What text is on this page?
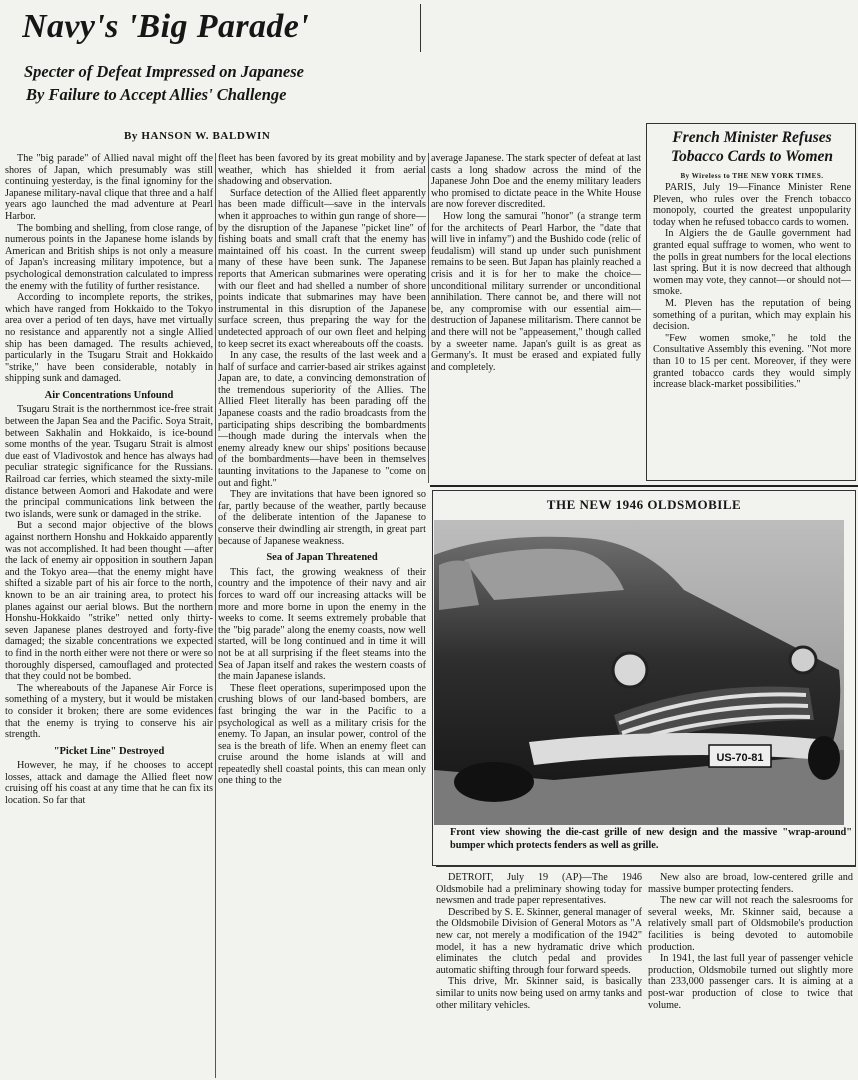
Navy's 'Big Parade'
Specter of Defeat Impressed on Japanese
By Failure to Accept Allies' Challenge
By HANSON W. BALDWIN

The "big parade" of Allied naval might off the shores of Japan, which presumably was still continuing yesterday, is the final ignominy for the Japanese military-naval clique that three and a half years ago launched the mad adventure at Pearl Harbor.

The bombing and shelling, from close range, of numerous points in the Japanese home islands by American and British ships is not only a measure of Japan's increasing military impotence, but a psychological demonstration calculated to impress the enemy with the futility of further resistance.

According to incomplete reports, the strikes, which have ranged from Hokkaido to the Tokyo area over a period of ten days, have met virtually no resistance and apparently not a single Allied ship has been damaged. The results achieved, particularly in the Tsugaru Strait and Hokkaido "strike," have been considerable, notably in shipping sunk and damaged.

Air Concentrations Unfound

Tsugaru Strait is the northernmost ice-free strait between the Japan Sea and the Pacific. Soya Strait, between Sakhalin and Hokkaido, is ice-bound some months of the year. Tsugaru Strait is almost due east of Vladivostok and hence has always had peculiar strategic significance for the Russians. Railroad car ferries, which steamed the sixty-mile distance between Aomori and Hakodate and were the principal communications link between the two islands, were sunk or damaged in the strike.

But a second major objective of the blows against northern Honshu and Hokkaido apparently was not accomplished. It had been thought —after the lack of enemy air opposition in southern Japan and the Tokyo area—that the enemy might have shifted a sizable part of his air force to the north, known to be an air training area, to protect his planes against our aerial blows. But the northern Honshu-Hokkaido "strike" netted only thirty-seven Japanese planes destroyed and forty-five damaged; the sizable concentrations we expected to find in the north either were not there or were so thoroughly dispersed, camouflaged and protected that they could not be bombed.

The whereabouts of the Japanese Air Force is something of a mystery, but it would be mistaken to consider it broken; there are some evidences that the enemy is trying to conserve his air strength.

"Picket Line" Destroyed

However, he may, if he chooses to accept losses, attack and damage the Allied fleet now cruising off his coast at any time that he can fix its location. So far that

fleet has been favored by its great mobility and by weather, which has shielded it from aerial shadowing and observation.

Surface detection of the Allied fleet apparently has been made difficult—save in the intervals when it approaches to within gun range of shore—by the disruption of the Japanese "picket line" of fishing boats and small craft that the enemy has maintained off his coast. In the current sweep many of these have been sunk. The Japanese reports that American submarines were operating with our fleet and had shelled a number of shore points indicate that submarines may have been instrumental in this disruption of the Japanese surface screen, thus preparing the way for the undetected approach of our own fleet and helping to keep secret its exact whereabouts off the coasts.

In any case, the results of the last week and a half of surface and carrier-based air strikes against Japan are, to date, a convincing demonstration of the tremendous superiority of the Allies. The Allied Fleet literally has been parading off the Japanese coasts and the radio broadcasts from the participating ships describing the bombardments—though made during the intervals when the enemy already knew our ships' positions because of the bombardments—have been in themselves taunting invitations to the Japanese to "come on out and fight."

They are invitations that have been ignored so far, partly because of the weather, partly because of the deliberate intention of the Japanese to conserve their dwindling air strength, in great part because of Japanese weakness.

Sea of Japan Threatened

This fact, the growing weakness of their country and the impotence of their navy and air forces to ward off our increasing attacks will be more and more borne in upon the enemy in the weeks to come. It seems extremely probable that the "big parade" along the enemy coasts, now well started, will be long continued and in time it will not be at all surprising if the fleet steams into the Sea of Japan itself and rakes the western coasts of the main Japanese islands.

These fleet operations, superimposed upon the crushing blows of our land-based bombers, are fast bringing the war in the Pacific to a psychological as well as a military crisis for the enemy. To Japan, an insular power, control of the sea is the breath of life. When an enemy fleet can cruise around the home islands at will and repeatedly shell coastal points, this can mean only one thing to the

average Japanese. The stark specter of defeat at last casts a long shadow across the mind of the Japanese John Doe and the enemy military leaders who promised to dictate peace in the White House are now forever discredited.

How long the samurai "honor" (a strange term for the architects of Pearl Harbor, the "date that will live in infamy") and the Bushido code (relic of feudalism) will stand up under such punishment remains to be seen. But Japan has plainly reached a crisis and it is for her to make the choice—unconditional military surrender or unconditional annihilation. There cannot be, and there will not be, any compromise with our essential aim—destruction of Japanese militarism. There cannot be and there will not be "appeasement," though called by a sweeter name. Japan's guilt is as great as Germany's. It must be erased and expiated fully and completely.

French Minister Refuses Tobacco Cards to Women
By Wireless to THE NEW YORK TIMES.

PARIS, July 19—Finance Minister Rene Pleven, who rules over the French tobacco monopoly, courted the greatest unpopularity today when he refused tobacco cards to women.

In Algiers the de Gaulle government had granted equal suffrage to women, who went to the polls in great numbers for the local elections last spring. But it is now decreed that although women may vote, they cannot—or should not—smoke.

M. Pleven has the reputation of being something of a puritan, which may explain his decision.

"Few women smoke," he told the Consultative Assembly this evening. "Not more than 10 to 15 per cent. Moreover, if they were granted tobacco cards they would simply increase black-market possibilities."

THE NEW 1946 OLDSMOBILE
US-70-81
Front view showing the die-cast grille of new design and the massive "wrap-around" bumper which protects fenders as well as grille.

DETROIT, July 19 (AP)—The 1946 Oldsmobile had a preliminary showing today for newsmen and trade paper representatives.

Described by S. E. Skinner, general manager of the Oldsmobile Division of General Motors as "A new car, not merely a modification of the 1942" model, it has a new hydramatic drive which eliminates the clutch pedal and provides automatic shifting through four forward speeds.

This drive, Mr. Skinner said, is basically similar to units now being used on army tanks and other military vehicles.

New also are broad, low-centered grille and massive bumper protecting fenders.

The new car will not reach the salesrooms for several weeks, Mr. Skinner said, because a relatively small part of Oldsmobile's production facilities is being devoted to automobile production.

In 1941, the last full year of passenger vehicle production, Oldsmobile turned out slightly more than 233,000 passenger cars. It is aiming at a post-war production of close to twice that volume.
